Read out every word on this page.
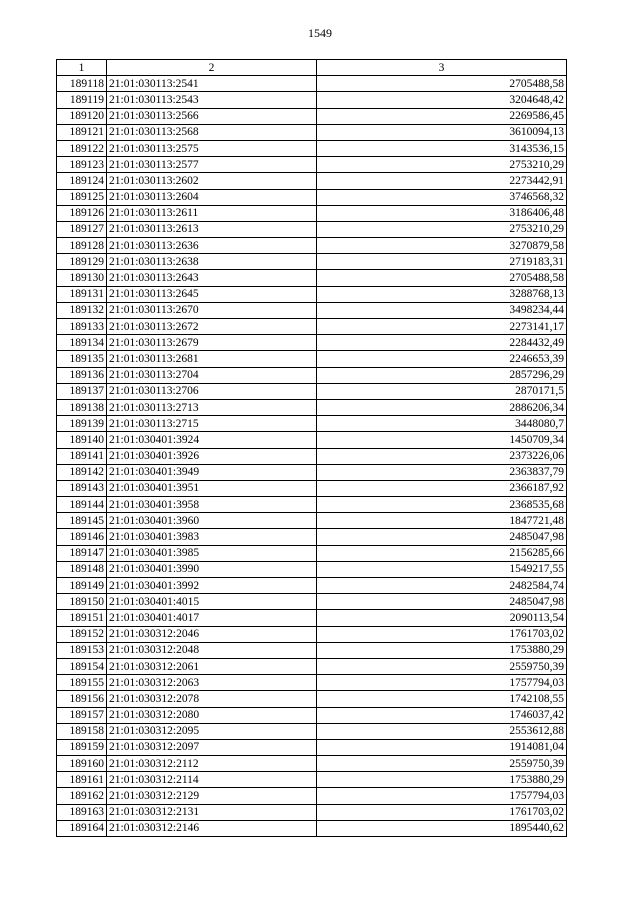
1549
1	2	3
189118	21:01:030113:2541	2705488,58
189119	21:01:030113:2543	3204648,42
189120	21:01:030113:2566	2269586,45
189121	21:01:030113:2568	3610094,13
189122	21:01:030113:2575	3143536,15
189123	21:01:030113:2577	2753210,29
189124	21:01:030113:2602	2273442,91
189125	21:01:030113:2604	3746568,32
189126	21:01:030113:2611	3186406,48
189127	21:01:030113:2613	2753210,29
189128	21:01:030113:2636	3270879,58
189129	21:01:030113:2638	2719183,31
189130	21:01:030113:2643	2705488,58
189131	21:01:030113:2645	3288768,13
189132	21:01:030113:2670	3498234,44
189133	21:01:030113:2672	2273141,17
189134	21:01:030113:2679	2284432,49
189135	21:01:030113:2681	2246653,39
189136	21:01:030113:2704	2857296,29
189137	21:01:030113:2706	2870171,5
189138	21:01:030113:2713	2886206,34
189139	21:01:030113:2715	3448080,7
189140	21:01:030401:3924	1450709,34
189141	21:01:030401:3926	2373226,06
189142	21:01:030401:3949	2363837,79
189143	21:01:030401:3951	2366187,92
189144	21:01:030401:3958	2368535,68
189145	21:01:030401:3960	1847721,48
189146	21:01:030401:3983	2485047,98
189147	21:01:030401:3985	2156285,66
189148	21:01:030401:3990	1549217,55
189149	21:01:030401:3992	2482584,74
189150	21:01:030401:4015	2485047,98
189151	21:01:030401:4017	2090113,54
189152	21:01:030312:2046	1761703,02
189153	21:01:030312:2048	1753880,29
189154	21:01:030312:2061	2559750,39
189155	21:01:030312:2063	1757794,03
189156	21:01:030312:2078	1742108,55
189157	21:01:030312:2080	1746037,42
189158	21:01:030312:2095	2553612,88
189159	21:01:030312:2097	1914081,04
189160	21:01:030312:2112	2559750,39
189161	21:01:030312:2114	1753880,29
189162	21:01:030312:2129	1757794,03
189163	21:01:030312:2131	1761703,02
189164	21:01:030312:2146	1895440,62
